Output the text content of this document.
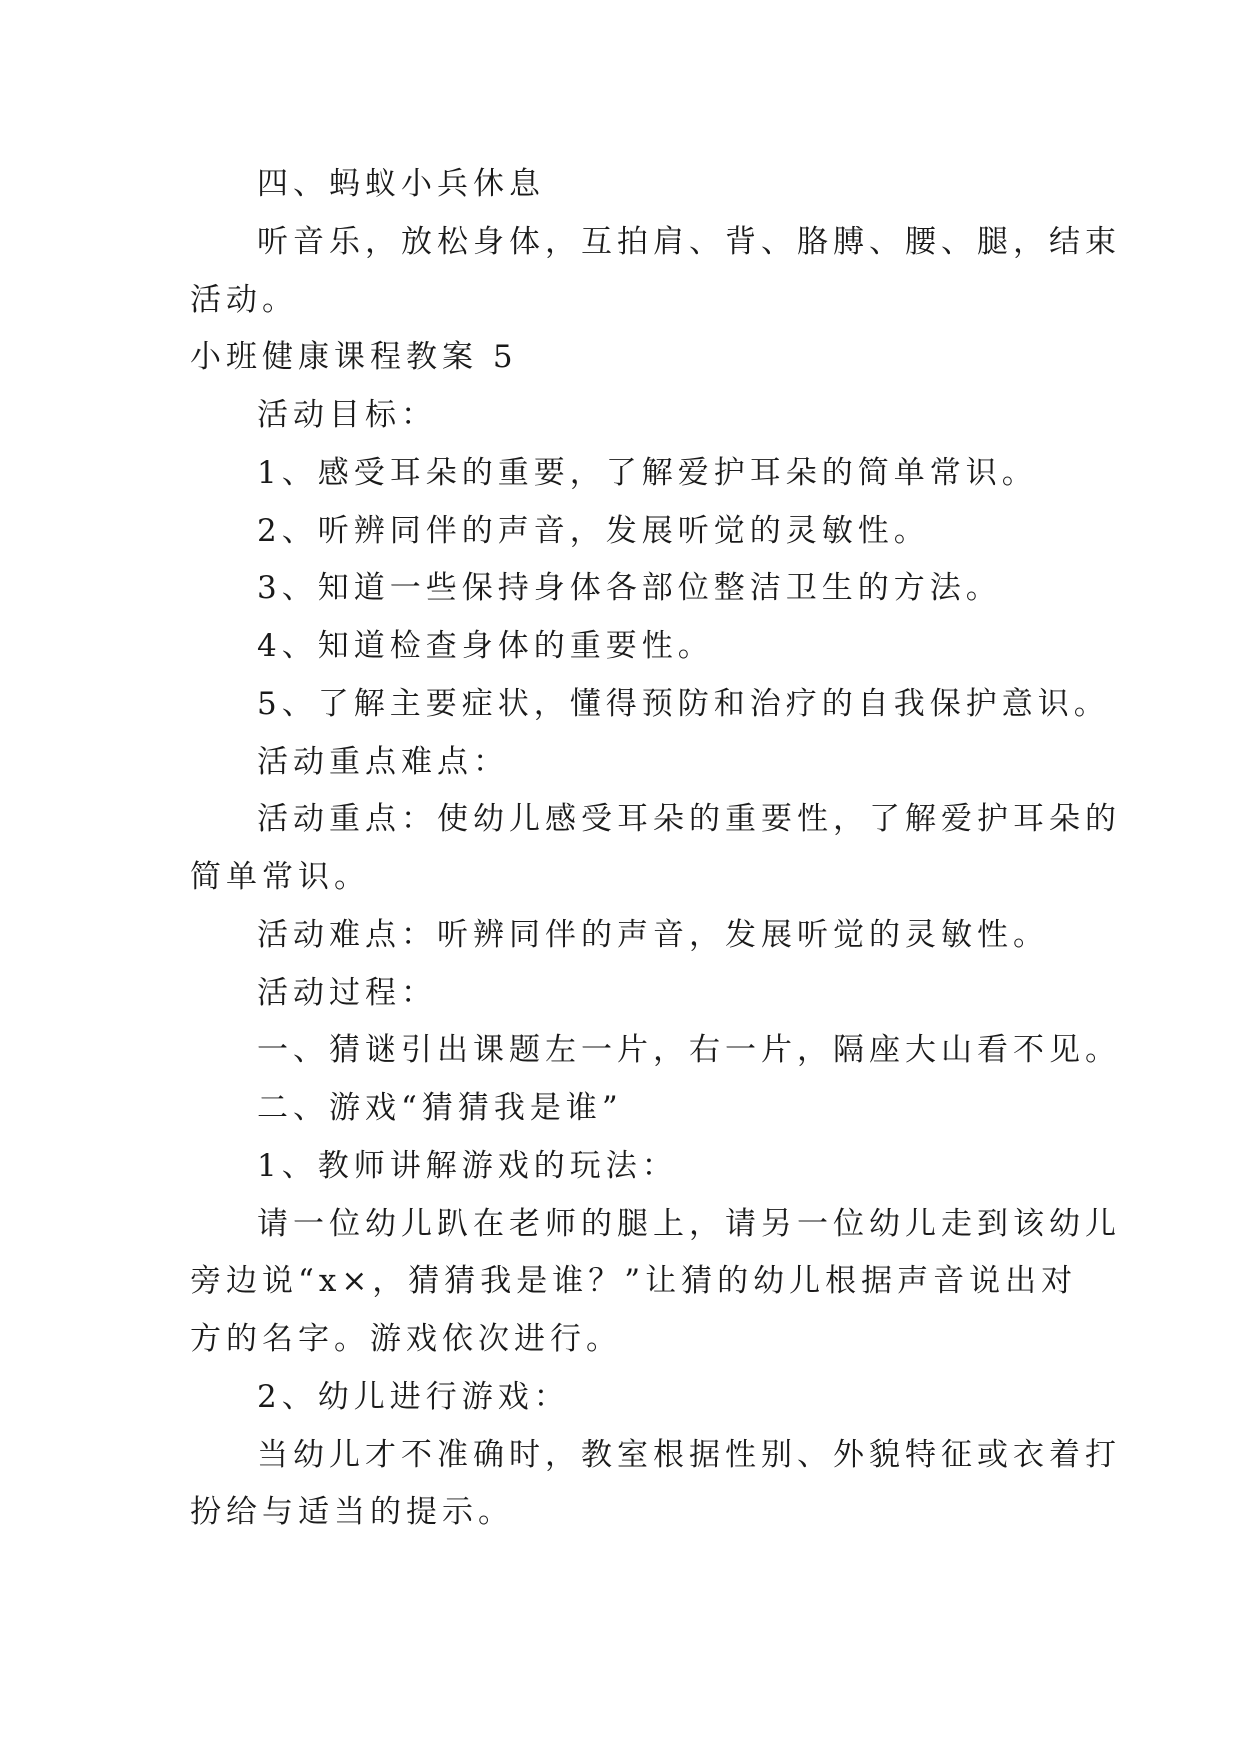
四、蚂蚁小兵休息

听音乐，放松身体，互拍肩、背、胳膊、腰、腿，结束

活动。

小班健康课程教案 5

活动目标：

1、感受耳朵的重要，了解爱护耳朵的简单常识。

2、听辨同伴的声音，发展听觉的灵敏性。

3、知道一些保持身体各部位整洁卫生的方法。

4、知道检查身体的重要性。

5、了解主要症状，懂得预防和治疗的自我保护意识。

活动重点难点：

活动重点：使幼儿感受耳朵的重要性，了解爱护耳朵的

简单常识。

活动难点：听辨同伴的声音，发展听觉的灵敏性。

活动过程：

一、猜谜引出课题左一片，右一片，隔座大山看不见。

二、游戏“猜猜我是谁”

1、教师讲解游戏的玩法：

请一位幼儿趴在老师的腿上，请另一位幼儿走到该幼儿

旁边说“x×，猜猜我是谁？”让猜的幼儿根据声音说出对

方的名字。游戏依次进行。

2、幼儿进行游戏：

当幼儿才不准确时，教室根据性别、外貌特征或衣着打

扮给与适当的提示。
